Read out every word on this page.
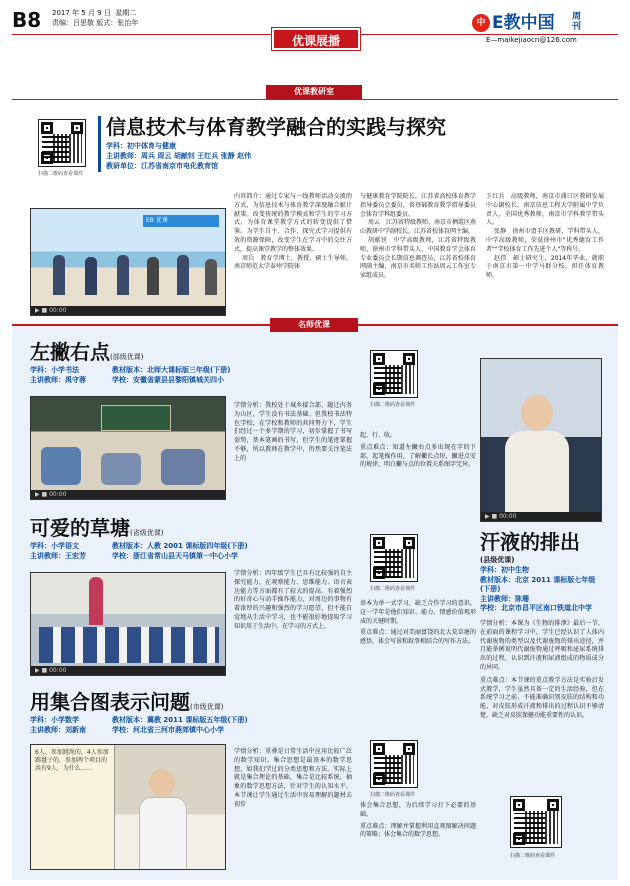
B8 2017 年 5 月 9 日 星期二
责编：吕思敬 版式：张治年
优课展播
中 E教中国 周刊
E—maikejiaocn@126.com
优课教研室
扫描二维码查看课件
信息技术与体育教学融合的实践与探究
学科：初中体育与健康
主讲教师：周兵 周云 胡献钊 王红兵 张静 赵伟
教研单位：江苏省南京市电化教育馆
EB 优课
▶ ■ 00:00

内容简介：通过专家与一线教师活动交流的方式，为信息技术与体育教学深度融合献计献策。改变传统的教学模式和学生的学习方式，为体育课堂教学方式的转变提供了借鉴。为学生自主、合作、探究式学习提供有效的资源保障，改变学生在学习中的交往方式，提高课堂教学的整体效果。

周兵　教育学博士，教授，硕士生导师，南京师范大学泰州学院体

与健康教育学院院长，江苏省高校体育教学指导委员会委员，省基础教育教学指导委员会体育学科组委员。

周云　江苏省特级教师，南京市栖霞区燕山教研中学副校长，江苏省校体育网主编。

胡献钊　中学高级教师，江苏省特级教师，徐州市学科带头人，中国教育学会体育专业委员会长期信息调查员，江苏省校体育网副主编，南京市名师工作站周云工作室专家组成员。

王红兵　高级教师，南京市浦口区教研发展中心副校长，南京信息工程大学附属中学负责人，全国优秀教师，南京市学科教学带头人。

张静　徐州市贾手区教研，学科带头人，中学高级教师，荣获徐州市"优秀德育工作者""学校体育工作先进个人"等称号。

赵伟　硕士研究生，2014年毕业，就职于南京市第一中学马群分校，担任体育教师。

名师优课
左撇右点(部级优课)
学科：小学书法	教材版本：北师大课标版三年级(下册)
主讲教师：禹守蓉	学校：安徽省蒙县县黎阳镇城关四小
扫描二维码查看课件
▶ ■ 00:00
学情分析：我校处于城乡接合部，随迁内务为山区，学生没有书法基础。但我校书法特色学校，在学校和教师的共同努力下，学生们经过一个多学期的学习，初步掌握了书写姿势，基本笔画的书写，但学生的笔迹掌握不够，所以教师在教学中，仍然要关注笔法上的

起、行、收。

重点难点：知道左撇右点多出现在字的下部，起笔操作用，了解撇长点短，撇进点安的规律，明白撇与点的位置关系图字完异。

▶ ■ 00:00
可爱的草塘(省级优课)
学科：小学语文	教材版本：人教 2001 课标版四年级(下册)
主讲教师：王宏芳	学校：浙江省常山县天马镇第一中心小学
扫描二维码查看课件
▶ ■ 00:00
学情分析：四年级学生已具有比较强的自主探究能力，在观察能力、思维能力、语言表达能力等方面都有了较大的提高。有着强烈的好奇心与动手操作能力，对周边的事物有着浓厚的兴趣和强烈的学习愿望，但不能自觉地从生活中学习，也不能很好地提取学习知识用于生活中。在学习的方式上，

基本为单一式学习，缺乏合作学习的意识，这一学年是他们知识、能力、情感价值观形成的关键时期。

重点难点：通过对美丽富饶的北大荒草塘的感悟，体会写景和叙事相结合的写作方法。

汗液的排出
(县级优课)

学科：初中生物

教材版本：北京 2011 课标版七年级(下册)

主讲教师：陈珊

学校：北京市昌平区南口铁道北中学

学情分析：本课为《生物的排泄》最后一节，在前面的课程学习中，学生已经认识了人体内代谢废物的类型以及代谢废物的排出途径，并且能举例说明代谢废物通过呼吸和泌尿系统排出的过程，认识到汗液和尿液组成的物质成分的异同。

重点难点：本节课的重点教学方法是实验启发式教学，学生虽然具备一定的生活经验，但在系统学习之前，不能准确识别皮肤的结构和功能，对皮肤形成汗液和排出的过程认识不够清楚，缺乏对皮肤保健功能重要性的认识。

扫描二维码查看课件
用集合图表示问题(市级优课)
学科：小学数学	教材版本：冀教 2011 课标版五年级(下册)
主讲教师：刘新南	学校：河北省三河市燕郊镇中心小学
扫描二维码查看课件
6人、参加跳绳的，4人参加踢毽子的，参加两个项目的共有9人，为什么……
学情分析：重叠是日常生活中应用比较广泛的数学知识。集合思想是最基本的数学思想，如我们学过的分类思想和方法。实际上就是集合理论的基础，集合是比较系统、抽象的数学思想方法，针对学生的认知水平，本节课让学生通过生活中容易理解的题材去初步	体会集合思想，为后续学习打下必要的基础。

重点难点：理解并掌握利用直观图解决问题的策略；体会集合的数学思想。
